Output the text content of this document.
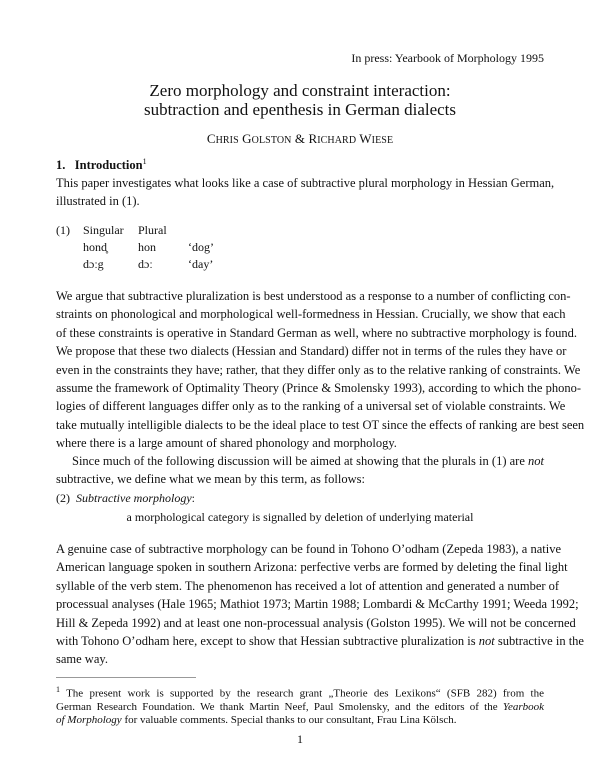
In press: Yearbook of Morphology 1995
Zero morphology and constraint interaction:
subtraction and epenthesis in German dialects
CHRIS GOLSTON & RICHARD WIESE
1. Introduction$^1$
This paper investigates what looks like a case of subtractive plural morphology in Hessian German,
illustrated in (1).
(1) Singular Plural
hond̥	hon	‘dog’
dɔːg	dɔː	‘day’
We argue that subtractive pluralization is best understood as a response to a number of conflicting con-
straints on phonological and morphological well-formedness in Hessian. Crucially, we show that each
of these constraints is operative in Standard German as well, where no subtractive morphology is found.
We propose that these two dialects (Hessian and Standard) differ not in terms of the rules they have or
even in the constraints they have; rather, that they differ only as to the relative ranking of constraints. We
assume the framework of Optimality Theory (Prince & Smolensky 1993), according to which the phono-
logies of different languages differ only as to the ranking of a universal set of violable constraints. We
take mutually intelligible dialects to be the ideal place to test OT since the effects of ranking are best seen
where there is a large amount of shared phonology and morphology.
Since much of the following discussion will be aimed at showing that the plurals in (1) are not
subtractive, we define what we mean by this term, as follows:
(2) Subtractive morphology:
a morphological category is signalled by deletion of underlying material
A genuine case of subtractive morphology can be found in Tohono O’odham (Zepeda 1983), a native
American language spoken in southern Arizona: perfective verbs are formed by deleting the final light
syllable of the verb stem. The phenomenon has received a lot of attention and generated a number of
processual analyses (Hale 1965; Mathiot 1973; Martin 1988; Lombardi & McCarthy 1991; Weeda 1992;
Hill & Zepeda 1992) and at least one non-processual analysis (Golston 1995). We will not be concerned
with Tohono O’odham here, except to show that Hessian subtractive pluralization is not subtractive in the
same way.
$^1$ The present work is supported by the research grant „Theorie des Lexikons“ (SFB 282) from the
German Research Foundation. We thank Martin Neef, Paul Smolensky, and the editors of the Yearbook
of Morphology for valuable comments. Special thanks to our consultant, Frau Lina Kölsch.
1
